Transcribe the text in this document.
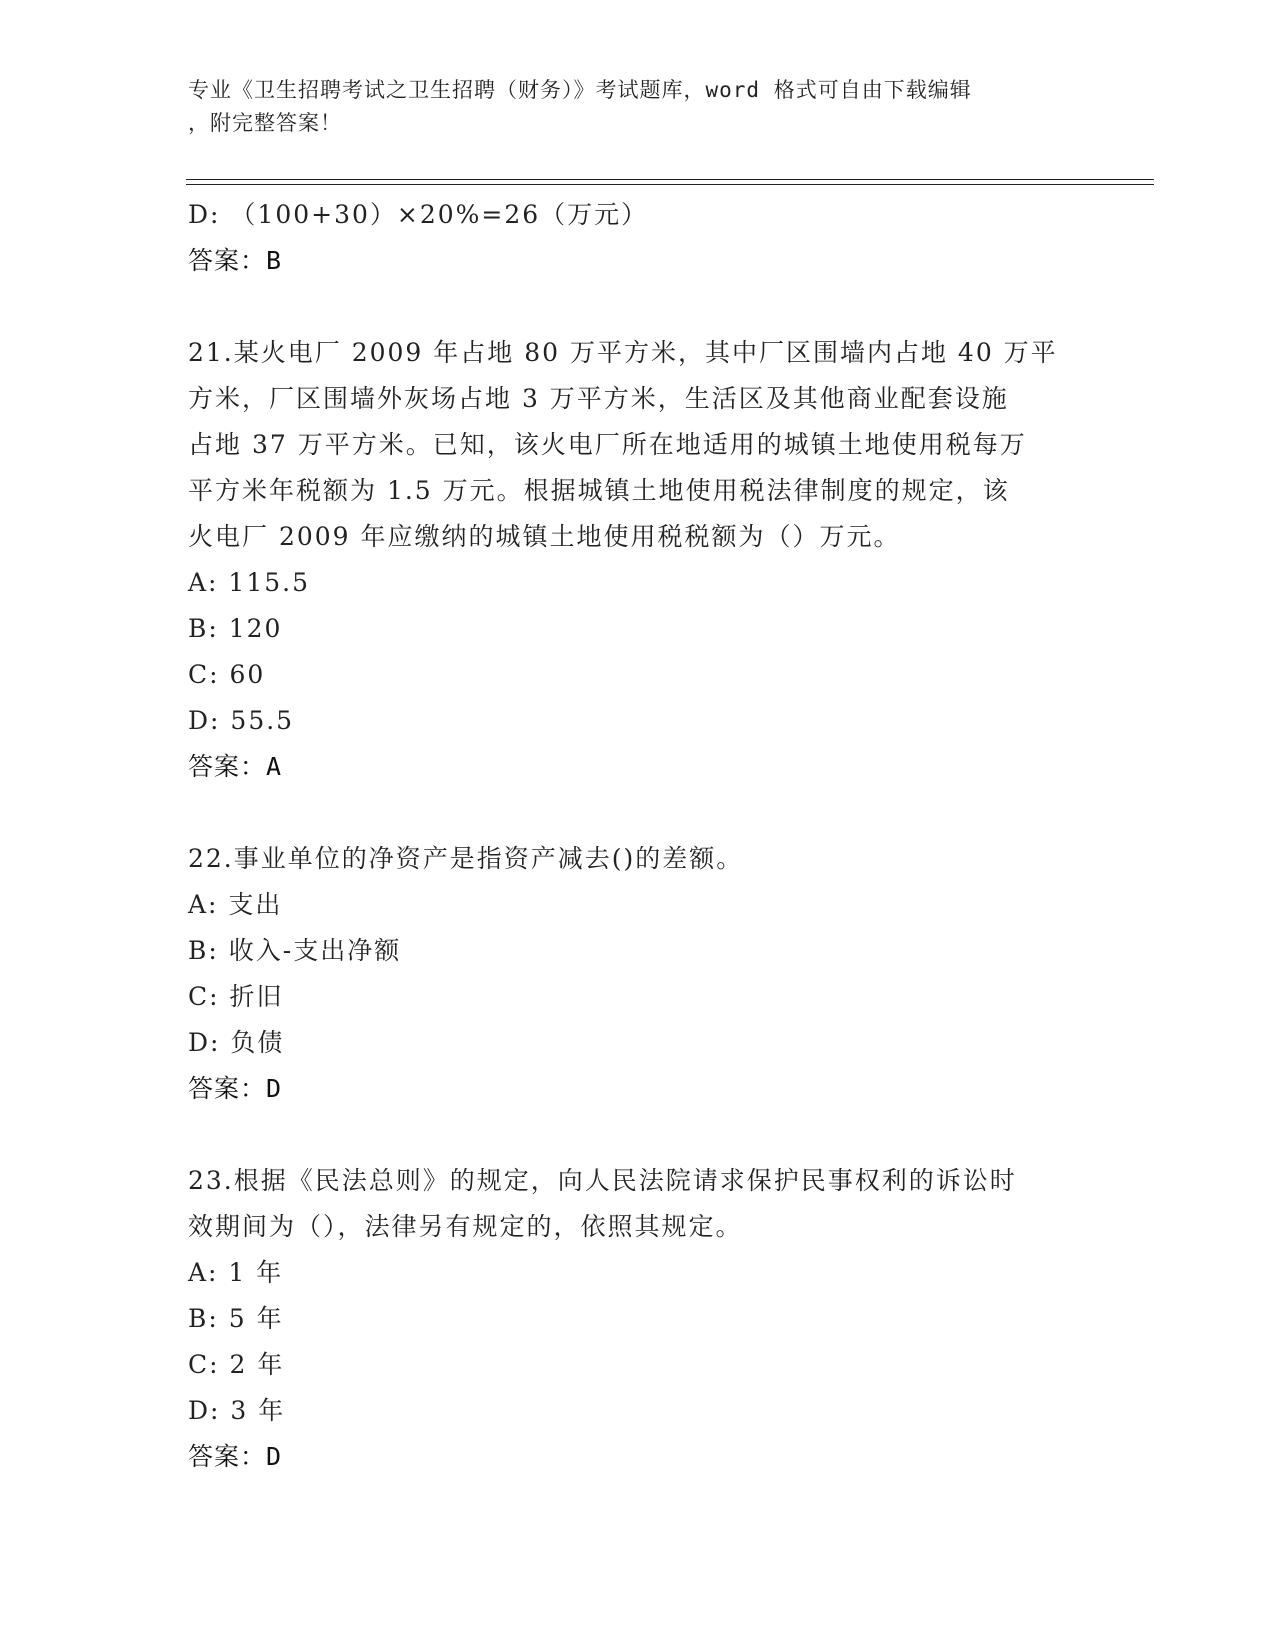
专业《卫生招聘考试之卫生招聘（财务）》考试题库，word 格式可自由下载编辑
，附完整答案！
D: （100+30）×20%=26（万元）
答案：B
21.某火电厂 2009 年占地 80 万平方米，其中厂区围墙内占地 40 万平
方米，厂区围墙外灰场占地 3 万平方米，生活区及其他商业配套设施
占地 37 万平方米。已知，该火电厂所在地适用的城镇土地使用税每万
平方米年税额为 1.5 万元。根据城镇土地使用税法律制度的规定，该
火电厂 2009 年应缴纳的城镇土地使用税税额为（）万元。
A: 115.5
B: 120
C: 60
D: 55.5
答案：A
22.事业单位的净资产是指资产减去()的差额。
A: 支出
B: 收入-支出净额
C: 折旧
D: 负债
答案：D
23.根据《民法总则》的规定，向人民法院请求保护民事权利的诉讼时
效期间为（），法律另有规定的，依照其规定。
A: 1 年
B: 5 年
C: 2 年
D: 3 年
答案：D
